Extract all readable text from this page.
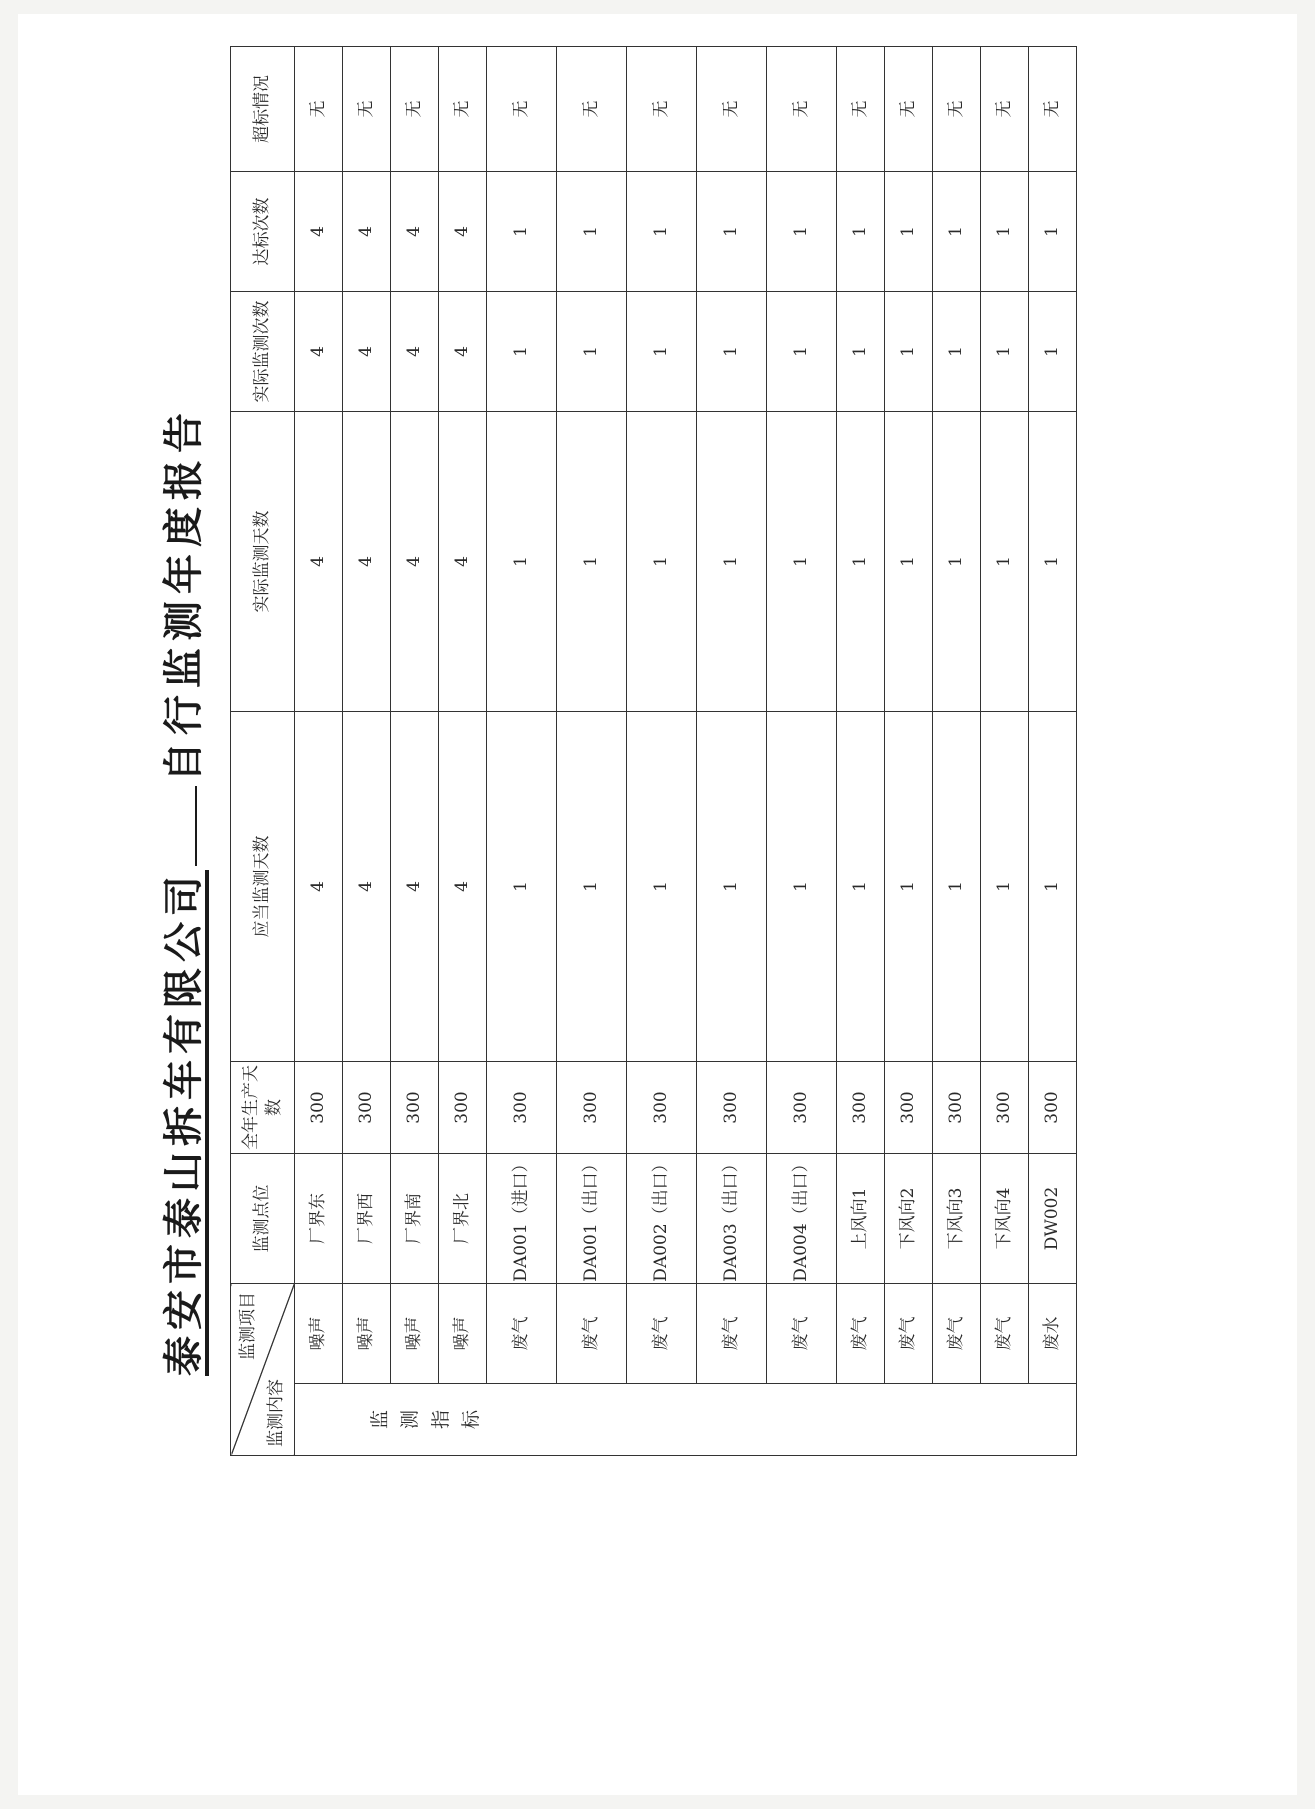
泰安市泰山拆车有限公司自行监测年度报告
监测项目
监测内容		监测点位	全年生产天数	应当监测天数	实际监测天数	实际监测次数	达标次数	超标情况

监 测 指 标	噪声	厂界东	300	4	4	4	4	无
	噪声	厂界西	300	4	4	4	4	无
	噪声	厂界南	300	4	4	4	4	无
	噪声	厂界北	300	4	4	4	4	无
	废气	DA001（进口）	300	1	1	1	1	无
	废气	DA001（出口）	300	1	1	1	1	无
	废气	DA002（出口）	300	1	1	1	1	无
	废气	DA003（出口）	300	1	1	1	1	无
	废气	DA004（出口）	300	1	1	1	1	无
	废气	上风向1	300	1	1	1	1	无
	废气	下风向2	300	1	1	1	1	无
	废气	下风向3	300	1	1	1	1	无
	废气	下风向4	300	1	1	1	1	无
	废水	DW002	300	1	1	1	1	无
